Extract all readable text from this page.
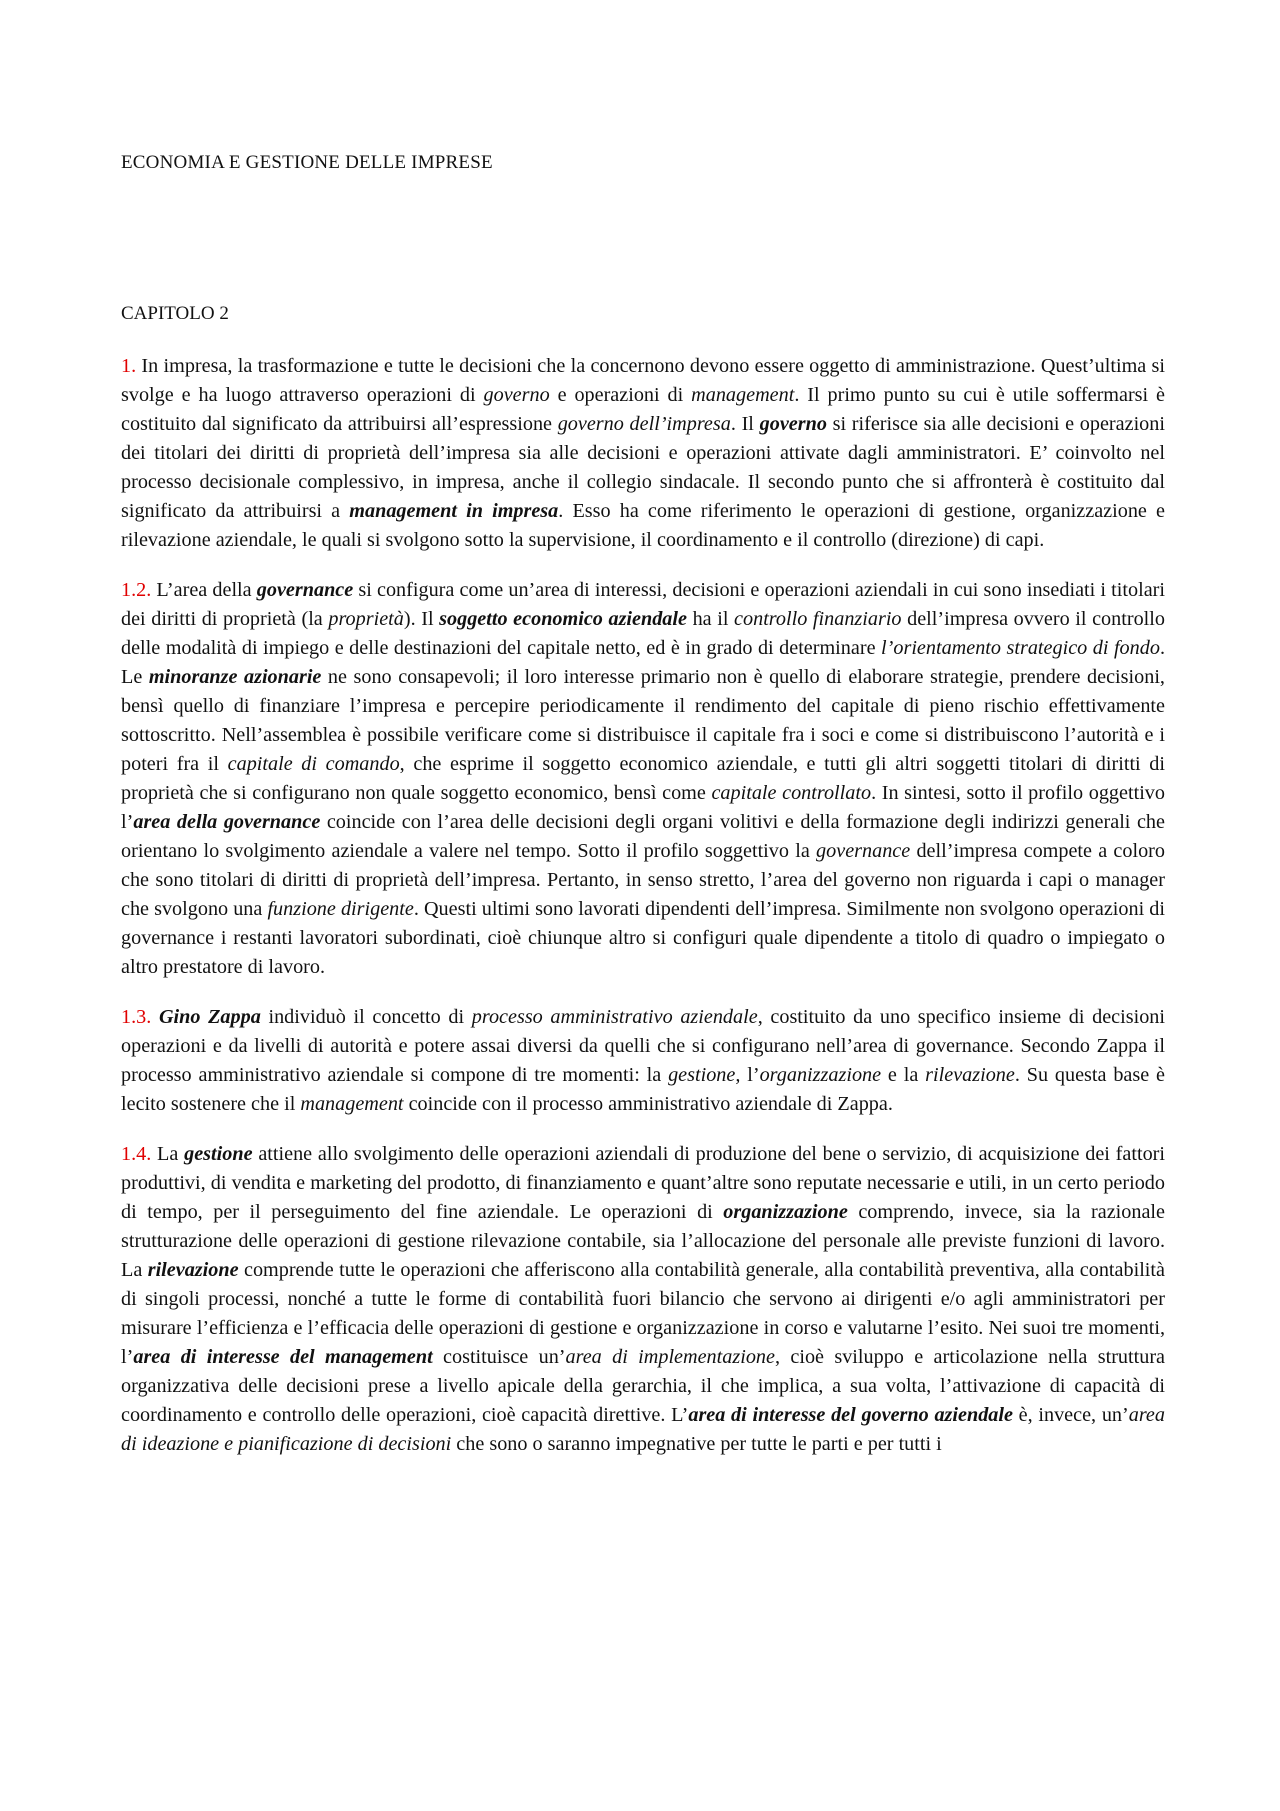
ECONOMIA E GESTIONE DELLE IMPRESE
CAPITOLO 2

1. In impresa, la trasformazione e tutte le decisioni che la concernono devono essere oggetto di amministrazione. Quest’ultima si svolge e ha luogo attraverso operazioni di governo e operazioni di management. Il primo punto su cui è utile soffermarsi è costituito dal significato da attribuirsi all’espressione governo dell’impresa. Il governo si riferisce sia alle decisioni e operazioni dei titolari dei diritti di proprietà dell’impresa sia alle decisioni e operazioni attivate dagli amministratori. E’ coinvolto nel processo decisionale complessivo, in impresa, anche il collegio sindacale. Il secondo punto che si affronterà è costituito dal significato da attribuirsi a management in impresa. Esso ha come riferimento le operazioni di gestione, organizzazione e rilevazione aziendale, le quali si svolgono sotto la supervisione, il coordinamento e il controllo (direzione) di capi.

1.2. L’area della governance si configura come un’area di interessi, decisioni e operazioni aziendali in cui sono insediati i titolari dei diritti di proprietà (la proprietà). Il soggetto economico aziendale ha il controllo finanziario dell’impresa ovvero il controllo delle modalità di impiego e delle destinazioni del capitale netto, ed è in grado di determinare l’orientamento strategico di fondo. Le minoranze azionarie ne sono consapevoli; il loro interesse primario non è quello di elaborare strategie, prendere decisioni, bensì quello di finanziare l’impresa e percepire periodicamente il rendimento del capitale di pieno rischio effettivamente sottoscritto. Nell’assemblea è possibile verificare come si distribuisce il capitale fra i soci e come si distribuiscono l’autorità e i poteri fra il capitale di comando, che esprime il soggetto economico aziendale, e tutti gli altri soggetti titolari di diritti di proprietà che si configurano non quale soggetto economico, bensì come capitale controllato. In sintesi, sotto il profilo oggettivo l’area della governance coincide con l’area delle decisioni degli organi volitivi e della formazione degli indirizzi generali che orientano lo svolgimento aziendale a valere nel tempo. Sotto il profilo soggettivo la governance dell’impresa compete a coloro che sono titolari di diritti di proprietà dell’impresa. Pertanto, in senso stretto, l’area del governo non riguarda i capi o manager che svolgono una funzione dirigente. Questi ultimi sono lavorati dipendenti dell’impresa. Similmente non svolgono operazioni di governance i restanti lavoratori subordinati, cioè chiunque altro si configuri quale dipendente a titolo di quadro o impiegato o altro prestatore di lavoro.

1.3. Gino Zappa individuò il concetto di processo amministrativo aziendale, costituito da uno specifico insieme di decisioni operazioni e da livelli di autorità e potere assai diversi da quelli che si configurano nell’area di governance. Secondo Zappa il processo amministrativo aziendale si compone di tre momenti: la gestione, l’organizzazione e la rilevazione. Su questa base è lecito sostenere che il management coincide con il processo amministrativo aziendale di Zappa.

1.4. La gestione attiene allo svolgimento delle operazioni aziendali di produzione del bene o servizio, di acquisizione dei fattori produttivi, di vendita e marketing del prodotto, di finanziamento e quant’altre sono reputate necessarie e utili, in un certo periodo di tempo, per il perseguimento del fine aziendale. Le operazioni di organizzazione comprendo, invece, sia la razionale strutturazione delle operazioni di gestione rilevazione contabile, sia l’allocazione del personale alle previste funzioni di lavoro. La rilevazione comprende tutte le operazioni che afferiscono alla contabilità generale, alla contabilità preventiva, alla contabilità di singoli processi, nonché a tutte le forme di contabilità fuori bilancio che servono ai dirigenti e/o agli amministratori per misurare l’efficienza e l’efficacia delle operazioni di gestione e organizzazione in corso e valutarne l’esito. Nei suoi tre momenti, l’area di interesse del management costituisce un’area di implementazione, cioè sviluppo e articolazione nella struttura organizzativa delle decisioni prese a livello apicale della gerarchia, il che implica, a sua volta, l’attivazione di capacità di coordinamento e controllo delle operazioni, cioè capacità direttive. L’area di interesse del governo aziendale è, invece, un’area di ideazione e pianificazione di decisioni che sono o saranno impegnative per tutte le parti e per tutti i
